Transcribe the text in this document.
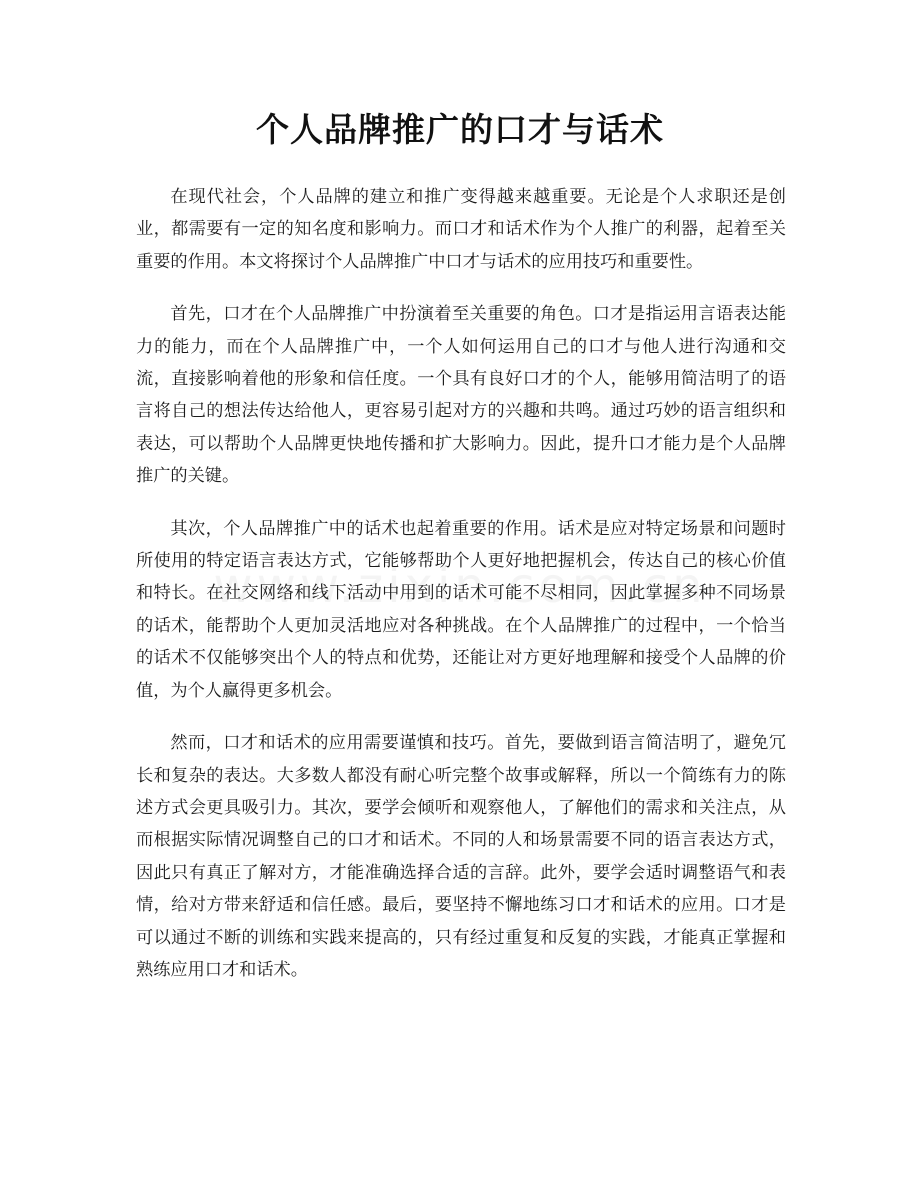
个人品牌推广的口才与话术

在现代社会，个人品牌的建立和推广变得越来越重要。无论是个人求职还是创业，都需要有一定的知名度和影响力。而口才和话术作为个人推广的利器，起着至关重要的作用。本文将探讨个人品牌推广中口才与话术的应用技巧和重要性。

首先，口才在个人品牌推广中扮演着至关重要的角色。口才是指运用言语表达能力的能力，而在个人品牌推广中，一个人如何运用自己的口才与他人进行沟通和交流，直接影响着他的形象和信任度。一个具有良好口才的个人，能够用简洁明了的语言将自己的想法传达给他人，更容易引起对方的兴趣和共鸣。通过巧妙的语言组织和表达，可以帮助个人品牌更快地传播和扩大影响力。因此，提升口才能力是个人品牌推广的关键。

其次，个人品牌推广中的话术也起着重要的作用。话术是应对特定场景和问题时所使用的特定语言表达方式，它能够帮助个人更好地把握机会，传达自己的核心价值和特长。在社交网络和线下活动中用到的话术可能不尽相同，因此掌握多种不同场景的话术，能帮助个人更加灵活地应对各种挑战。在个人品牌推广的过程中，一个恰当的话术不仅能够突出个人的特点和优势，还能让对方更好地理解和接受个人品牌的价值，为个人赢得更多机会。

然而，口才和话术的应用需要谨慎和技巧。首先，要做到语言简洁明了，避免冗长和复杂的表达。大多数人都没有耐心听完整个故事或解释，所以一个简练有力的陈述方式会更具吸引力。其次，要学会倾听和观察他人，了解他们的需求和关注点，从而根据实际情况调整自己的口才和话术。不同的人和场景需要不同的语言表达方式，因此只有真正了解对方，才能准确选择合适的言辞。此外，要学会适时调整语气和表情，给对方带来舒适和信任感。最后，要坚持不懈地练习口才和话术的应用。口才是可以通过不断的训练和实践来提高的，只有经过重复和反复的实践，才能真正掌握和熟练应用口才和话术。
